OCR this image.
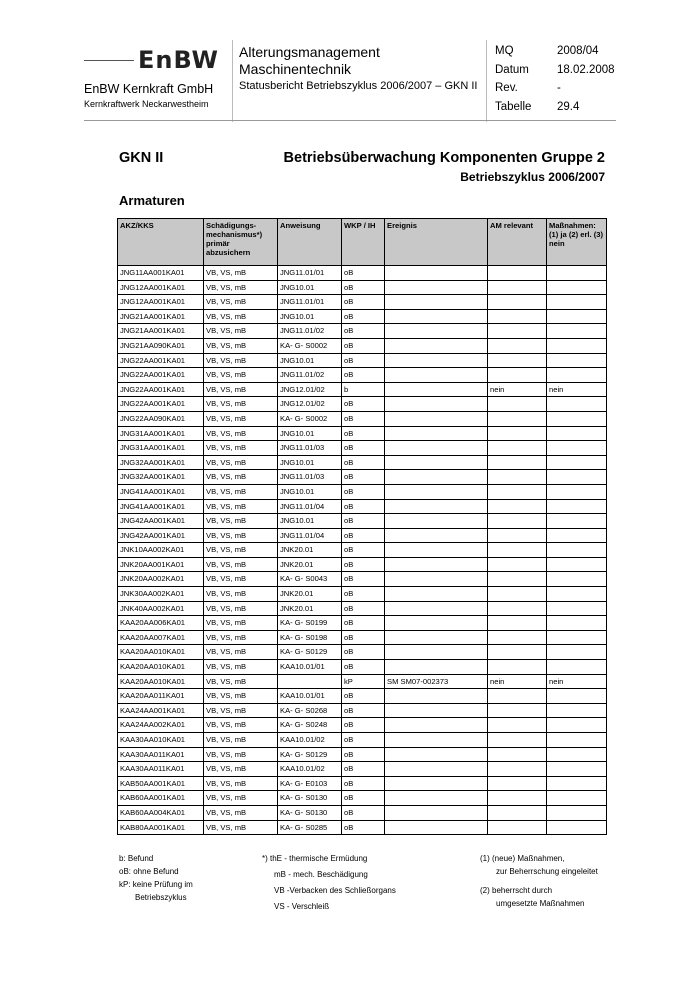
EnBW
EnBW Kernkraft GmbH
Kernkraftwerk Neckarwestheim
Alterungsmanagement
Maschinentechnik
Statusbericht Betriebszyklus 2006/2007 – GKN II
MQ	2008/04
Datum	18.02.2008
Rev.	-
Tabelle	29.4
GKN II	Betriebsüberwachung Komponenten Gruppe 2
Betriebszyklus 2006/2007
Armaturen
AKZ/KKS	Schädigungs-mechanismus*) primär abzusichern	Anweisung	WKP / IH	Ereignis	AM relevant	Maßnahmen: (1) ja (2) erl. (3) nein
JNG11AA001KA01	VB, VS, mB	JNG11.01/01	oB			
JNG12AA001KA01	VB, VS, mB	JNG10.01	oB			
JNG12AA001KA01	VB, VS, mB	JNG11.01/01	oB			
JNG21AA001KA01	VB, VS, mB	JNG10.01	oB			
JNG21AA001KA01	VB, VS, mB	JNG11.01/02	oB			
JNG21AA090KA01	VB, VS, mB	KA- G- S0002	oB			
JNG22AA001KA01	VB, VS, mB	JNG10.01	oB			
JNG22AA001KA01	VB, VS, mB	JNG11.01/02	oB			
JNG22AA001KA01	VB, VS, mB	JNG12.01/02	b		nein	nein
JNG22AA001KA01	VB, VS, mB	JNG12.01/02	oB			
JNG22AA090KA01	VB, VS, mB	KA- G- S0002	oB			
JNG31AA001KA01	VB, VS, mB	JNG10.01	oB			
JNG31AA001KA01	VB, VS, mB	JNG11.01/03	oB			
JNG32AA001KA01	VB, VS, mB	JNG10.01	oB			
JNG32AA001KA01	VB, VS, mB	JNG11.01/03	oB			
JNG41AA001KA01	VB, VS, mB	JNG10.01	oB			
JNG41AA001KA01	VB, VS, mB	JNG11.01/04	oB			
JNG42AA001KA01	VB, VS, mB	JNG10.01	oB			
JNG42AA001KA01	VB, VS, mB	JNG11.01/04	oB			
JNK10AA002KA01	VB, VS, mB	JNK20.01	oB			
JNK20AA001KA01	VB, VS, mB	JNK20.01	oB			
JNK20AA002KA01	VB, VS, mB	KA- G- S0043	oB			
JNK30AA002KA01	VB, VS, mB	JNK20.01	oB			
JNK40AA002KA01	VB, VS, mB	JNK20.01	oB			
KAA20AA006KA01	VB, VS, mB	KA- G- S0199	oB			
KAA20AA007KA01	VB, VS, mB	KA- G- S0198	oB			
KAA20AA010KA01	VB, VS, mB	KA- G- S0129	oB			
KAA20AA010KA01	VB, VS, mB	KAA10.01/01	oB			
KAA20AA010KA01	VB, VS, mB		kP	SM SM07-002373	nein	nein
KAA20AA011KA01	VB, VS, mB	KAA10.01/01	oB			
KAA24AA001KA01	VB, VS, mB	KA- G- S0268	oB			
KAA24AA002KA01	VB, VS, mB	KA- G- S0248	oB			
KAA30AA010KA01	VB, VS, mB	KAA10.01/02	oB			
KAA30AA011KA01	VB, VS, mB	KA- G- S0129	oB			
KAA30AA011KA01	VB, VS, mB	KAA10.01/02	oB			
KAB50AA001KA01	VB, VS, mB	KA- G- E0103	oB			
KAB60AA001KA01	VB, VS, mB	KA- G- S0130	oB			
KAB60AA004KA01	VB, VS, mB	KA- G- S0130	oB			
KAB80AA001KA01	VB, VS, mB	KA- G- S0285	oB			
b: Befund
oB: ohne Befund
kP: keine Prüfung im
Betriebszyklus
*) thE - thermische Ermüdung
mB - mech. Beschädigung
VB -Verbacken des Schließorgans
VS - Verschleiß
(1) (neue) Maßnahmen,
zur Beherrschung eingeleitet
(2) beherrscht durch
umgesetzte Maßnahmen
